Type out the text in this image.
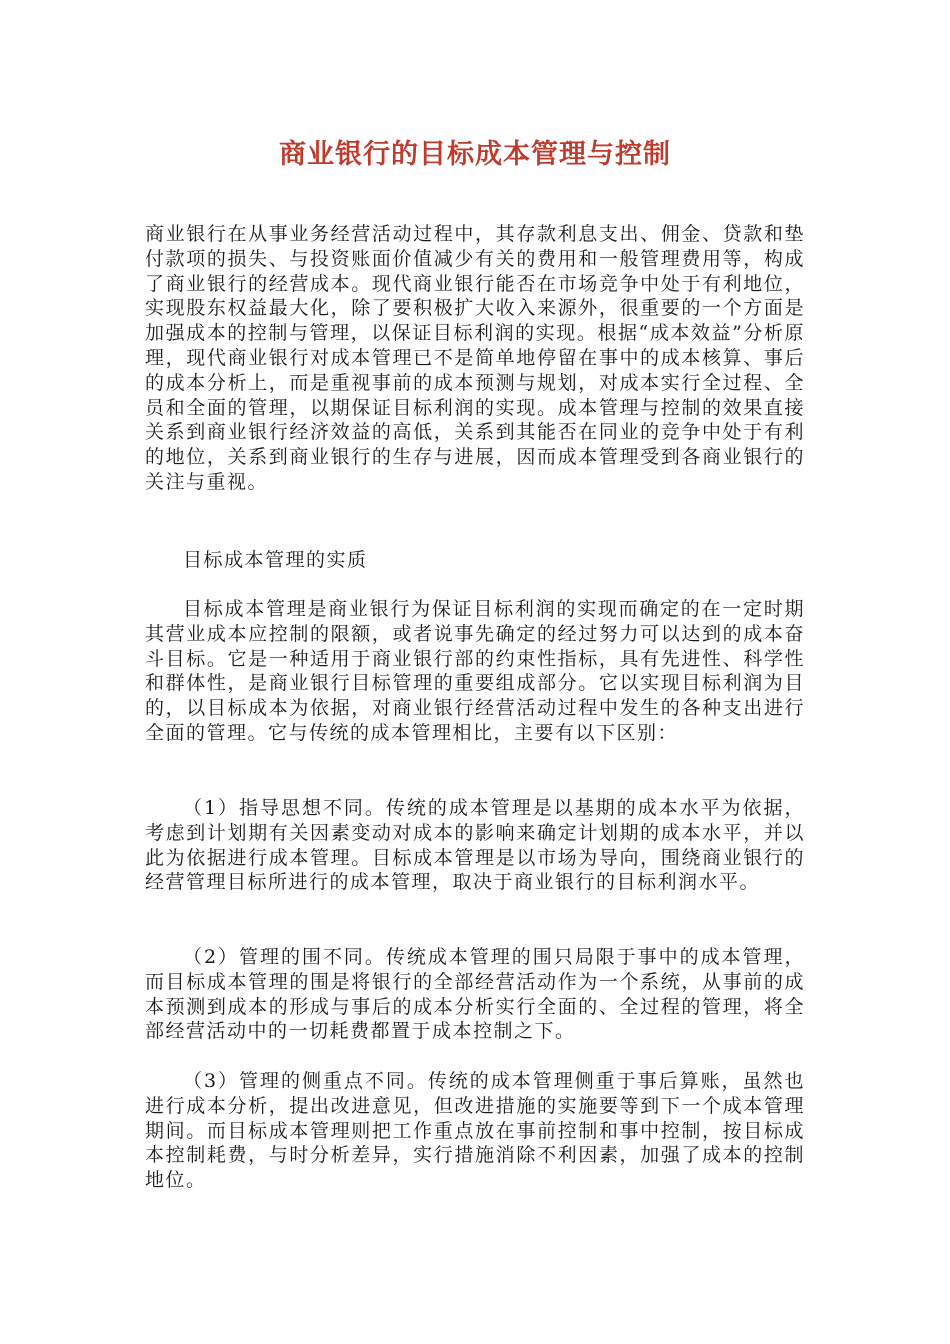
商业银行的目标成本管理与控制

商业银行在从事业务经营活动过程中，其存款利息支出、佣金、贷款和垫付款项的损失、与投资账面价值减少有关的费用和一般管理费用等，构成了商业银行的经营成本。现代商业银行能否在市场竞争中处于有利地位，实现股东权益最大化，除了要积极扩大收入来源外，很重要的一个方面是加强成本的控制与管理，以保证目标利润的实现。根据“成本效益”分析原理，现代商业银行对成本管理已不是简单地停留在事中的成本核算、事后的成本分析上，而是重视事前的成本预测与规划，对成本实行全过程、全员和全面的管理，以期保证目标利润的实现。成本管理与控制的效果直接关系到商业银行经济效益的高低，关系到其能否在同业的竞争中处于有利的地位，关系到商业银行的生存与进展，因而成本管理受到各商业银行的关注与重视。

目标成本管理的实质

目标成本管理是商业银行为保证目标利润的实现而确定的在一定时期其营业成本应控制的限额，或者说事先确定的经过努力可以达到的成本奋斗目标。它是一种适用于商业银行部的约束性指标，具有先进性、科学性和群体性，是商业银行目标管理的重要组成部分。它以实现目标利润为目的，以目标成本为依据，对商业银行经营活动过程中发生的各种支出进行全面的管理。它与传统的成本管理相比，主要有以下区别：

（1）指导思想不同。传统的成本管理是以基期的成本水平为依据，考虑到计划期有关因素变动对成本的影响来确定计划期的成本水平，并以此为依据进行成本管理。目标成本管理是以市场为导向，围绕商业银行的经营管理目标所进行的成本管理，取决于商业银行的目标利润水平。

（2）管理的围不同。传统成本管理的围只局限于事中的成本管理，而目标成本管理的围是将银行的全部经营活动作为一个系统，从事前的成本预测到成本的形成与事后的成本分析实行全面的、全过程的管理，将全部经营活动中的一切耗费都置于成本控制之下。

（3）管理的侧重点不同。传统的成本管理侧重于事后算账，虽然也进行成本分析，提出改进意见，但改进措施的实施要等到下一个成本管理期间。而目标成本管理则把工作重点放在事前控制和事中控制，按目标成本控制耗费，与时分析差异，实行措施消除不利因素，加强了成本的控制地位。
